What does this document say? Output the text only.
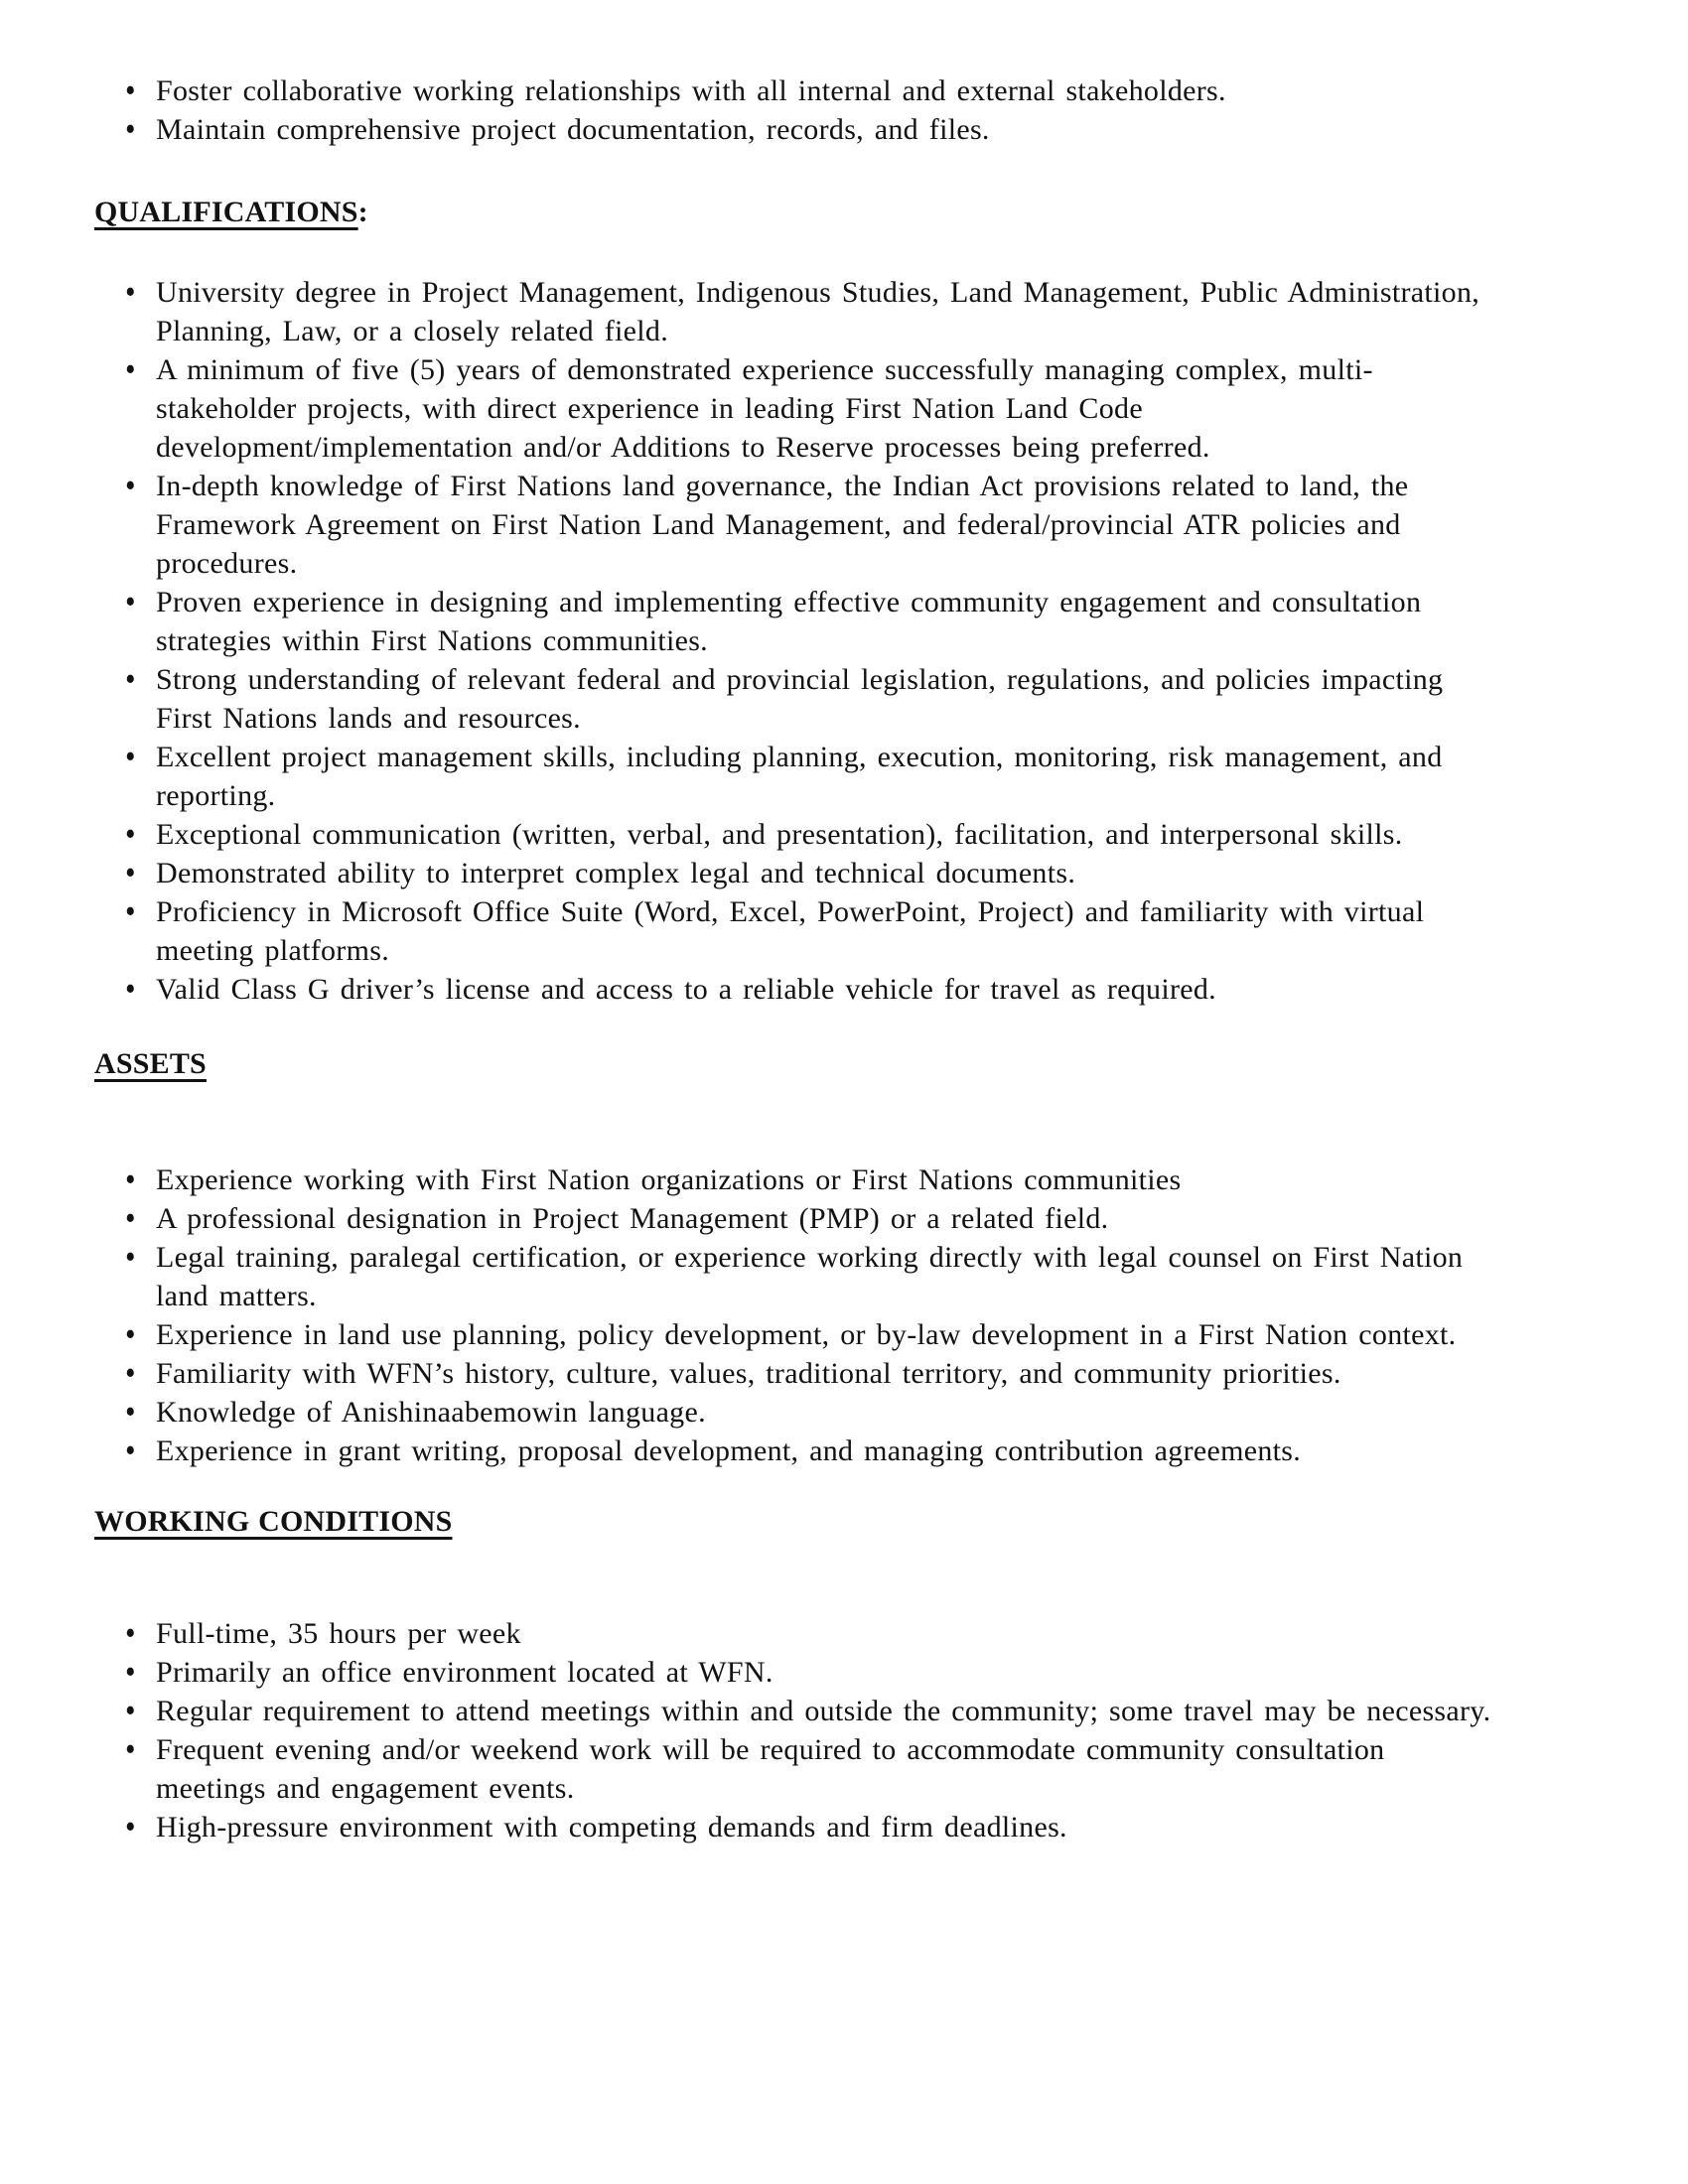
• Foster collaborative working relationships with all internal and external stakeholders.
• Maintain comprehensive project documentation, records, and files.
QUALIFICATIONS:
• University degree in Project Management, Indigenous Studies, Land Management, Public Administration, Planning, Law, or a closely related field.
• A minimum of five (5) years of demonstrated experience successfully managing complex, multi-stakeholder projects, with direct experience in leading First Nation Land Code development/implementation and/or Additions to Reserve processes being preferred.
• In-depth knowledge of First Nations land governance, the Indian Act provisions related to land, the Framework Agreement on First Nation Land Management, and federal/provincial ATR policies and procedures.
• Proven experience in designing and implementing effective community engagement and consultation strategies within First Nations communities.
• Strong understanding of relevant federal and provincial legislation, regulations, and policies impacting First Nations lands and resources.
• Excellent project management skills, including planning, execution, monitoring, risk management, and reporting.
• Exceptional communication (written, verbal, and presentation), facilitation, and interpersonal skills.
• Demonstrated ability to interpret complex legal and technical documents.
• Proficiency in Microsoft Office Suite (Word, Excel, PowerPoint, Project) and familiarity with virtual meeting platforms.
• Valid Class G driver’s license and access to a reliable vehicle for travel as required.
ASSETS
• Experience working with First Nation organizations or First Nations communities
• A professional designation in Project Management (PMP) or a related field.
• Legal training, paralegal certification, or experience working directly with legal counsel on First Nation land matters.
• Experience in land use planning, policy development, or by-law development in a First Nation context.
• Familiarity with WFN’s history, culture, values, traditional territory, and community priorities.
• Knowledge of Anishinaabemowin language.
• Experience in grant writing, proposal development, and managing contribution agreements.
WORKING CONDITIONS
• Full-time, 35 hours per week
• Primarily an office environment located at WFN.
• Regular requirement to attend meetings within and outside the community; some travel may be necessary.
• Frequent evening and/or weekend work will be required to accommodate community consultation meetings and engagement events.
• High-pressure environment with competing demands and firm deadlines.
